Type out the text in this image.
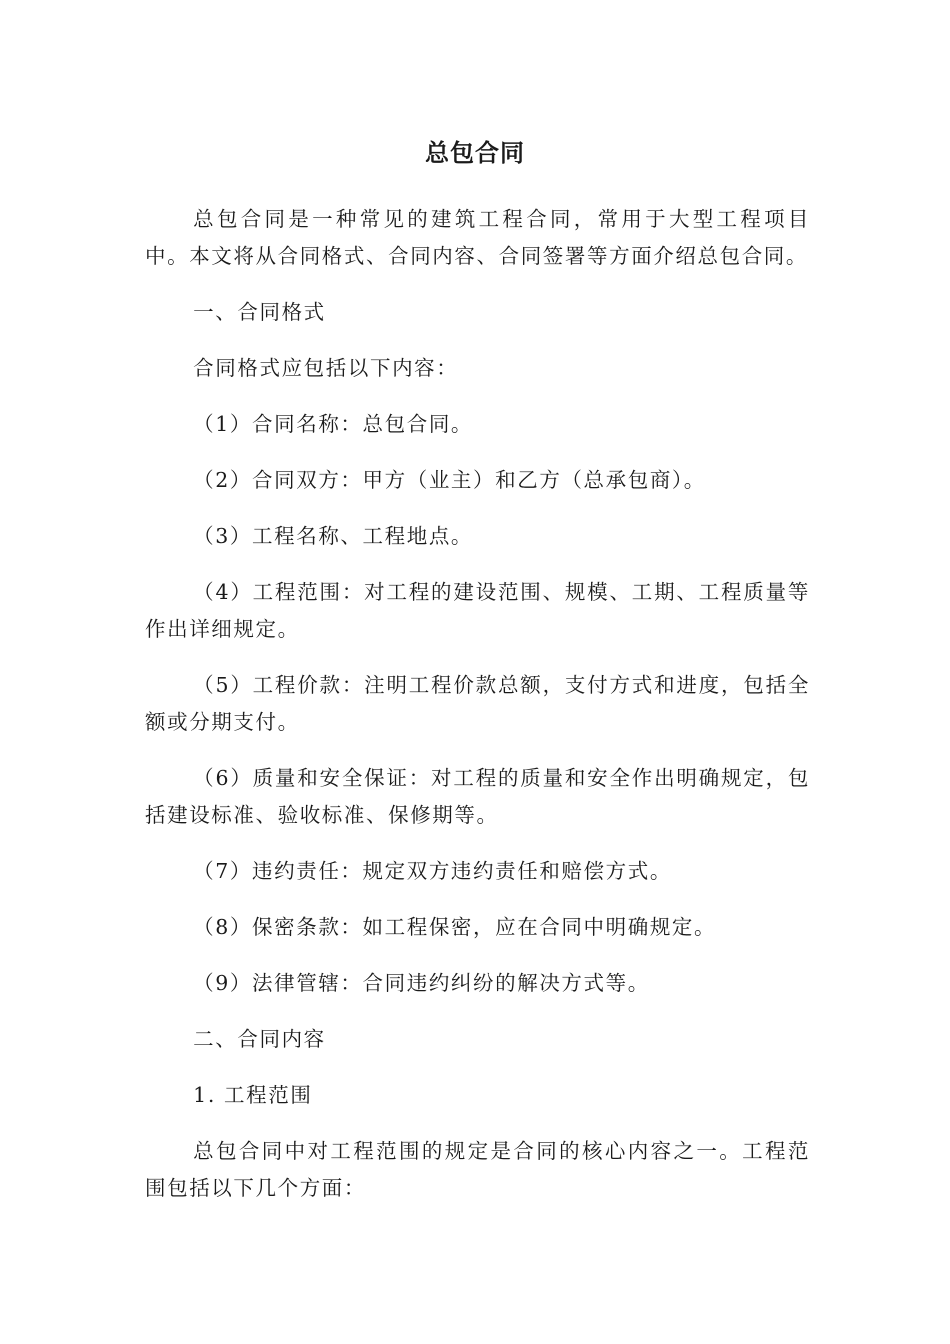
总包合同

总包合同是一种常见的建筑工程合同，常用于大型工程项目中。本文将从合同格式、合同内容、合同签署等方面介绍总包合同。

一、合同格式

合同格式应包括以下内容：

（1）合同名称：总包合同。

（2）合同双方：甲方（业主）和乙方（总承包商）。

（3）工程名称、工程地点。

（4）工程范围：对工程的建设范围、规模、工期、工程质量等作出详细规定。

（5）工程价款：注明工程价款总额，支付方式和进度，包括全额或分期支付。

（6）质量和安全保证：对工程的质量和安全作出明确规定，包括建设标准、验收标准、保修期等。

（7）违约责任：规定双方违约责任和赔偿方式。

（8）保密条款：如工程保密，应在合同中明确规定。

（9）法律管辖：合同违约纠纷的解决方式等。

二、合同内容

1. 工程范围

总包合同中对工程范围的规定是合同的核心内容之一。工程范围包括以下几个方面：
